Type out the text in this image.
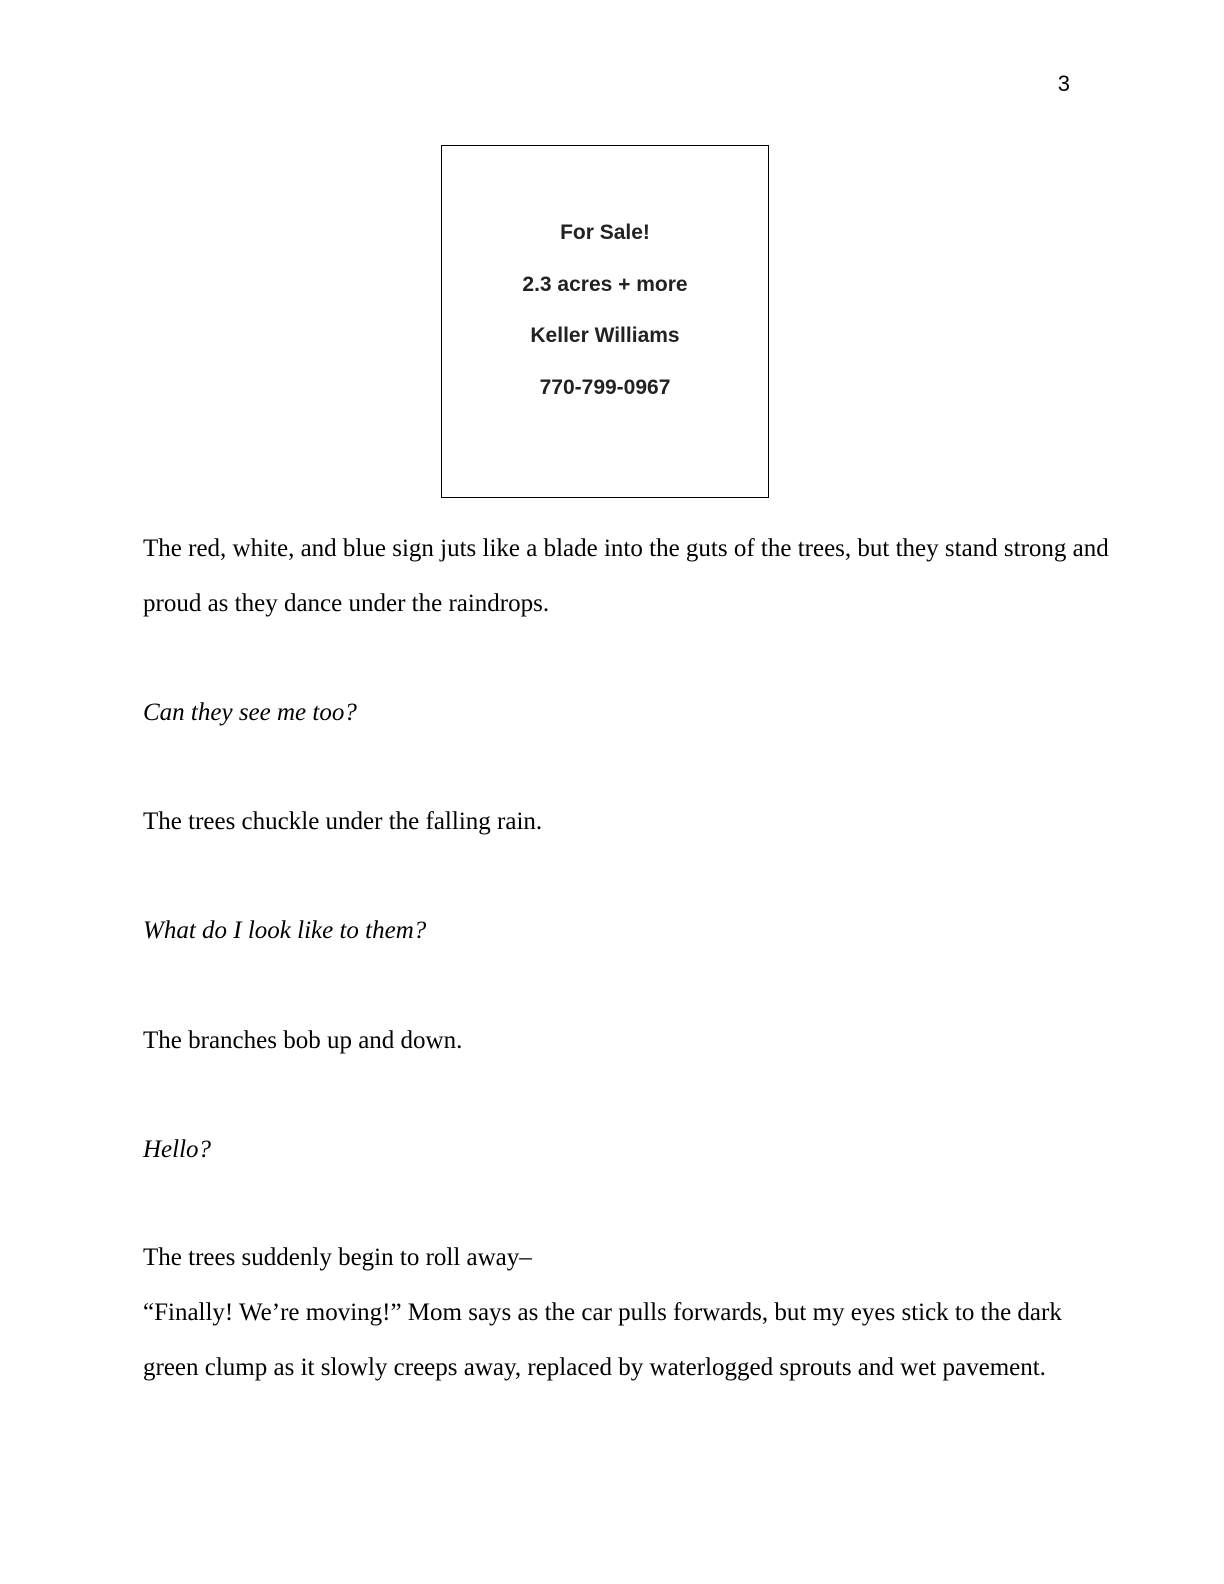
3
For Sale!
2.3 acres + more
Keller Williams
770-799-0967
The red, white, and blue sign juts like a blade into the guts of the trees, but they stand strong and
proud as they dance under the raindrops.
Can they see me too?
The trees chuckle under the falling rain.
What do I look like to them?
The branches bob up and down.
Hello?
The trees suddenly begin to roll away–
“Finally! We’re moving!” Mom says as the car pulls forwards, but my eyes stick to the dark
green clump as it slowly creeps away, replaced by waterlogged sprouts and wet pavement.
